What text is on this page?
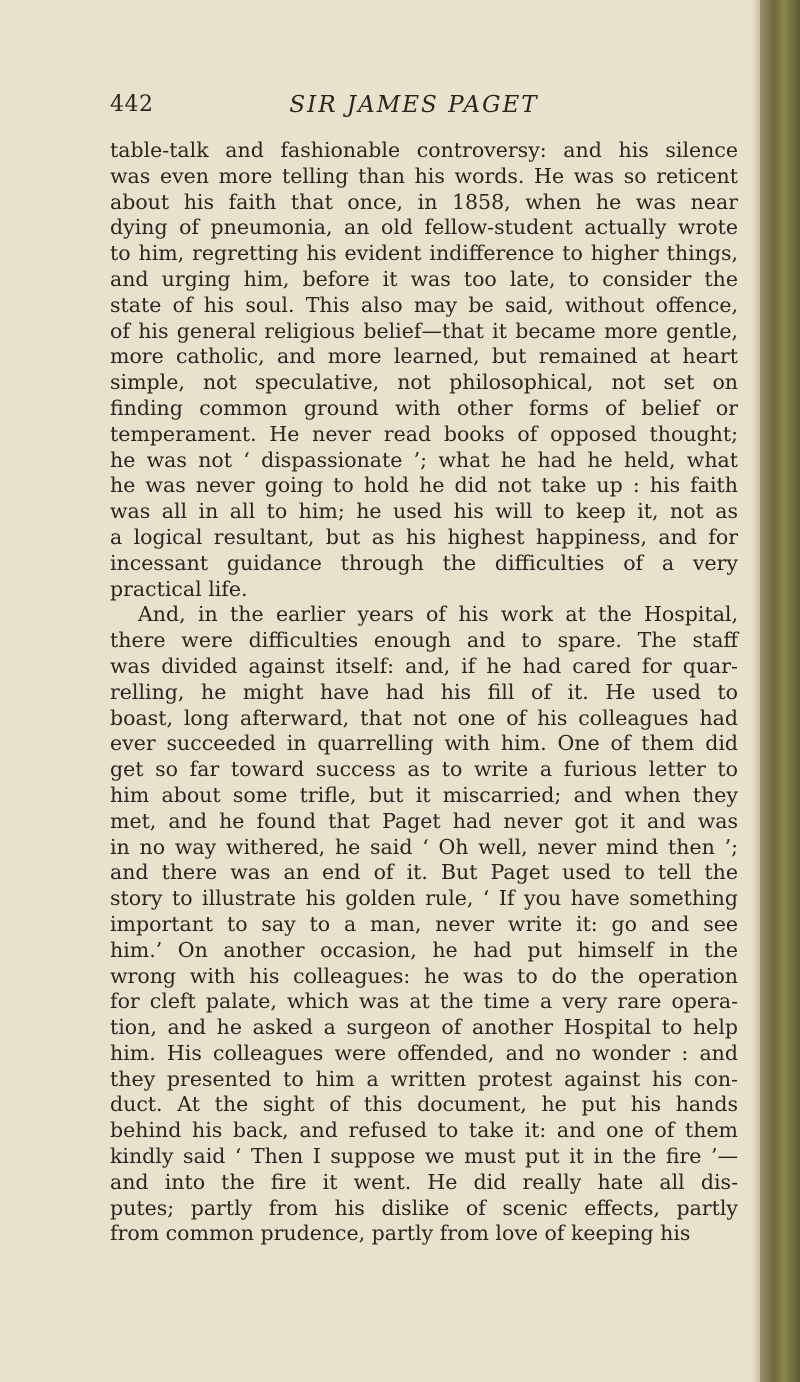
SIR JAMES PAGET
442
table-talk and fashionable controversy: and his silence
was even more telling than his words. He was so reticent
about his faith that once, in 1858, when he was near
dying of pneumonia, an old fellow-student actually wrote
to him, regretting his evident indifference to higher things,
and urging him, before it was too late, to consider the
state of his soul. This also may be said, without offence,
of his general religious belief—that it became more gentle,
more catholic, and more learned, but remained at heart
simple, not speculative, not philosophical, not set on
finding common ground with other forms of belief or
temperament. He never read books of opposed thought;
he was not ‘ dispassionate ’; what he had he held, what
he was never going to hold he did not take up : his faith
was all in all to him; he used his will to keep it, not as
a logical resultant, but as his highest happiness, and for
incessant guidance through the difficulties of a very
practical life.
And, in the earlier years of his work at the Hospital,
there were difficulties enough and to spare. The staff
was divided against itself: and, if he had cared for quar-
relling, he might have had his fill of it. He used to
boast, long afterward, that not one of his colleagues had
ever succeeded in quarrelling with him. One of them did
get so far toward success as to write a furious letter to
him about some trifle, but it miscarried; and when they
met, and he found that Paget had never got it and was
in no way withered, he said ‘ Oh well, never mind then ’;
and there was an end of it. But Paget used to tell the
story to illustrate his golden rule, ‘ If you have something
important to say to a man, never write it: go and see
him.’ On another occasion, he had put himself in the
wrong with his colleagues: he was to do the operation
for cleft palate, which was at the time a very rare opera-
tion, and he asked a surgeon of another Hospital to help
him. His colleagues were offended, and no wonder : and
they presented to him a written protest against his con-
duct. At the sight of this document, he put his hands
behind his back, and refused to take it: and one of them
kindly said ‘ Then I suppose we must put it in the fire ’—
and into the fire it went. He did really hate all dis-
putes; partly from his dislike of scenic effects, partly
from common prudence, partly from love of keeping his
